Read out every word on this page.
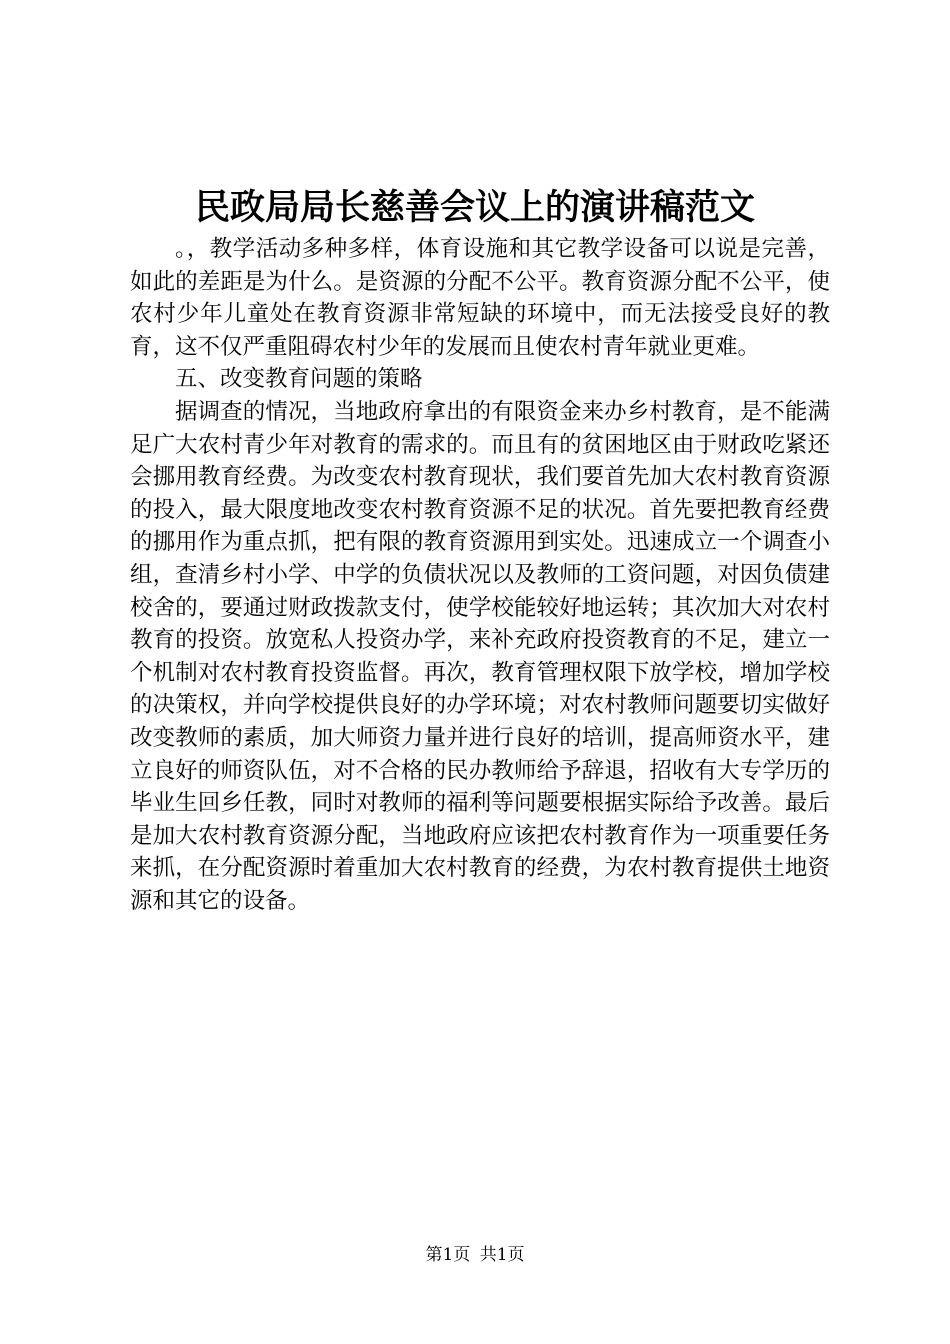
民政局局长慈善会议上的演讲稿范文

。，教学活动多种多样，体育设施和其它教学设备可以说是完善，如此的差距是为什么。是资源的分配不公平。教育资源分配不公平，使农村少年儿童处在教育资源非常短缺的环境中，而无法接受良好的教育，这不仅严重阻碍农村少年的发展而且使农村青年就业更难。

五、改变教育问题的策略

据调查的情况，当地政府拿出的有限资金来办乡村教育，是不能满足广大农村青少年对教育的需求的。而且有的贫困地区由于财政吃紧还会挪用教育经费。为改变农村教育现状，我们要首先加大农村教育资源的投入，最大限度地改变农村教育资源不足的状况。首先要把教育经费的挪用作为重点抓，把有限的教育资源用到实处。迅速成立一个调查小组，查清乡村小学、中学的负债状况以及教师的工资问题，对因负债建校舍的，要通过财政拨款支付，使学校能较好地运转；其次加大对农村教育的投资。放宽私人投资办学，来补充政府投资教育的不足，建立一个机制对农村教育投资监督。再次，教育管理权限下放学校，增加学校的决策权，并向学校提供良好的办学环境；对农村教师问题要切实做好改变教师的素质，加大师资力量并进行良好的培训，提高师资水平，建立良好的师资队伍，对不合格的民办教师给予辞退，招收有大专学历的毕业生回乡任教，同时对教师的福利等问题要根据实际给予改善。最后是加大农村教育资源分配，当地政府应该把农村教育作为一项重要任务来抓，在分配资源时着重加大农村教育的经费，为农村教育提供土地资源和其它的设备。

第1页 共1页
